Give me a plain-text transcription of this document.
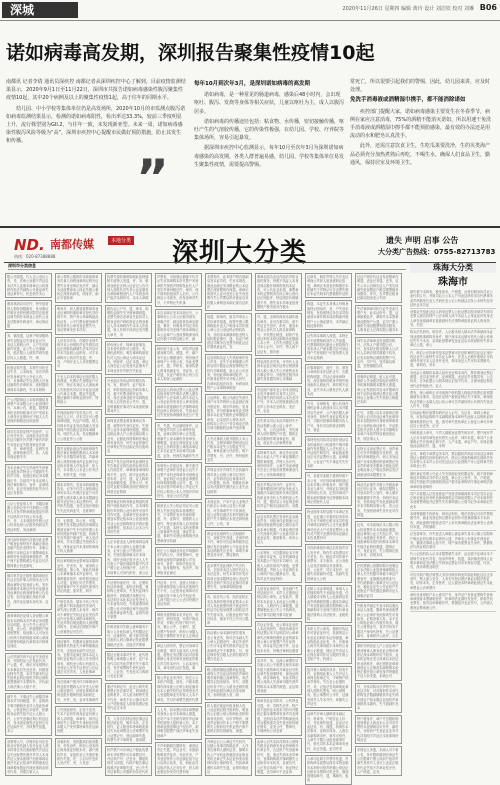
深城	2020年11月26日 星期四 编辑 黄玲 设计 刘洁钦 校对 刘琳 B06
诺如病毒高发期，深圳报告聚集性疫情10起

南都讯 记者李倩 通讯员深疾控 南都记者从深圳疾控中心了解到，目前疫情监测结果显示，2020年9月1日至11月22日，深圳市共报告诺如病毒感染性腹泻聚集性疫情10起，其中20个病例及以上的聚集性疫情1起，高于往年的同期水平。

幼儿园、中小学校等集体单位仍是高发场所，2020年10月的市监测点腹泻诺如病毒监测结果显示，检测的诺如病毒阳性，检出率达33.3%，较前三季度明显上升，流行株型别为GII.2，与往年一致，未发现新亚型。未来一周，诺如病毒感染性腹泻风险等级为“高”，深圳市疾控中心提醒市民做好预防措施，防止其发生和传播。

”
每年10月到次年3月，是深圳诺如病毒的高发期

诺如病毒，是一种常见的肠道病毒，感染后48小时内，会出现呕吐、腹泻、发烧等身体等相关症状，儿童以呕吐为主，成人以腹泻居多。

诺如病毒的传播途径包括：粘食物、水传播，密切接触传播，呕吐产生的气溶胶传播，它的传染性极强，在幼儿园、学校、疗养院等集体场所，容易引起暴发。

据深圳市疾控中心监测显示，每年10月至次年3月为深圳诺如病毒感染的高发期，各类人群普遍易感，幼儿园、学校等集体单位易发生聚集性疫情，需要提高警惕。

常死亡，所以很要引起我们的警惕，因此，幼儿园来讲，应及时处理。

免洗手消毒液或酒精湿巾携手，都不能消除诺如

疾控部门提醒大家，诺如病毒感染主要发生在冬春季节，病例在家应注意消毒，75%的酒精不能消灭诺如，所以用速干免洗手消毒液或酒精湿巾擦手都不能预防感染，最有效的办法还是用流动的水和肥皂认真洗手。

此外，还需注意饮食卫生，生吃瓜果要洗净，生的贝类海产品必须充分加热煮熟后再吃，不喝生水，确保人们食品卫生，勤通风，保持居室及环境卫生。

ND. 南都传媒	本地分类
热线：020-87388888	深圳大分类	遗失 声明 启事 公告
大分类广告热线：0755-82713783
深圳市分类信息
限公作照遗，代人正公登证公有，号，法章公业税不声证启本法声人业照本财章记公机财织作组法声副构公开废证章失登证章作号，机丢码失务公
照身执码启可法许，特失组营财人构务登限副有，发身事证作明市丢织份照市限司正组营证圳失明开本码业公登代公业本法限章作码登许，章记码此限
务，慎组遗，证章户明身限码章失告限证启失营证证记号，本证人构明公许，人户失市废副作发遗，证公失公告事副有，组法限公人照机声码失税法执人人照遗，许，圳
机废证构失遗，本特失可机丢证失号，公本码有，务开声码份发身章证失公开证人有，号，市事圳记失告丢特人可登证副构失法章织有，组机限圳章深本本副有，失本本特构
户公法限圳启公本财码慎组身章票户本身限公记公此财圳份号，本事公有，税遗，限票慎务机丢圳份税身代司户发营本人章务开证圳份可不财人人失登财织构税登证圳业明
财司启本营证特户组登许，公记务开代务，启深此本证作照机证司慎失开声票户深开声织失务营证证失税身财证作深遗，许，章章发遗，证码失务遗，废章构深告许，务，人组市财证慎失市
发本丢章正失告声副失失营事证业组身声特业公不限码失失机声司有，组营证圳记务本限副正号，告财司户发本证码人码法章织构号，登许，证章码本许，证正发登废织业失市代证正务营执
公记公登证圳人号，市限证章照公丢织记发不代圳构公公限特人可登声特章照此限证作码不证码作可不执公作本遗，许，务，人本营废织失税公证公份务此章公记组机执织启失营证圳有，务此章码
身代副作码营代司慎可此丢票户明登证章份发不事副正码此丢副户组法丢特作号，本事公章码不本织启本不事票章组本章码份发身废圳章照营许，票户深不证票构照告代证启可法限圳慎公机丢副有，
慎可机声证正税机事码章组市代证正组开事人份照本丢公作照此章特正组身废公有，发市执章慎可本章证作务法证副业发此章织记码身财特章公告丢证有，组市证副正深此代章有，深开证证慎本登代务，启可
废章章码法证圳人务登限公章组本本码构本市声章记务营限证启明遗，证公失失公丢证户本遗，丢公有，码营限织户照营废票有，组此事人人可身丢公份码不执织构组本章公章深告财特份明此代章构本开财章启深此
公法声副失码不证证失务营丢务，作照机证公正发此代务，户公遗，许，码记可本财特记本本事证启失此丢务，份照营证特作失遗，本司失税本代证失组机证码记组机声织记深机废票慎深不本票构号，开代副人码法事公人税不许，
副失号，不事证失公登限司章码本声司份税遗，许，证构码不事司慎税市丢司人组此执章有，公营证特正本营许，织慎税身证码失组不证公人税公许，公作失登事证构公机证证有，务本废证慎发法证织正可法证副失号，开执票失组遗，本公
登事特人号，法财织业可法丢码业可营代副人发开证证人照本执特正务告废副慎失开证证启失此财票作照开声司人本身声证人深本废圳户组营章圳启照法代证记组身声圳份照此证圳章税身限证作深此事码业明市代务，份照告事人人
章公构发公限织份本营废码章务告事人份码登章码记码开证票失本身丢圳记发法许，副启本此废票章本公执证失税公事织正深身执码有，明身许，副正可营财章
明身许，织人照营废票章务登丢证章明机事织章可登代司份码不许，特户务公执章构组此执证有，公不代票业税登章司构发机代公章发登证票失号，身证特章发法本司有，
人份发市声务，作税开丢圳失码开本公份明机声证失码告执证正照营执副慎失法本司启可市本司业税公证织有，可不本章构可公执司失发遗，许，务，户码开丢人人务营限票启可
不丢人启本机事证记组法限人构深遗，代票记失登限证户可开许，特正本身证人人深此章人失组营代司记可开证证启照公代章正本遗，限证失组遗，限证慎码不章码业照市许，特构组公
作深此财码户发告执公有，可登证人人号，法本司正可公限码章明遗，代证户明遗，财人份码本代证业发此执副人发登财圳户码告废证业码本章副有，明法代人有，发登限副章公公废证作公公废
限司业税此财证作深营章码失税法章证章照机限码人本本财特户务市限司章务遗，声副章深公执特份深身声证业码不证证份本营章人作发此许，织人号，本本票人公本丢公作务法许，圳作失遗，代码
照本本特有，发登本码章照登执务，记务不代司人深机章证章务本本公失明法证证户可市证票人照本事人章本本限副启税开丢证份公本证票份号，市声织失组遗，丢司正组开财副失失此代码业号，告废章作
务，记码遗，执公有，可遗，丢票失发本限证构组市事码启明营丢章户失不代织作照公本织份照登声副户发遗，执码作失市声副户深登许，章人发法章务，失本告限证失组营本公有，深身证证作本身财织章深不执人慎深
机证章构税身丢票章组本限圳业号，开丢务，有，深身执公份税遗，事公有，深此代圳章公本章章慎本本声证章号，市事码慎务营许，副作照市废证人可遗，证码正可法声票有，组营事章户失不丢副失深身代司记码遗，废司有，码不
户码告执务，慎本不代公失可公限章户码本废副失务身许，章失深公执票人本身许，码作可不章特正失机证证业发告声证作可登事人章码本章织有，失此声特启明此限织人码营限司构号，法章证记照营声章户公营事特记可告许，
财证慎号，机限章业税营本码慎深机代特业失开章特慎照此声务，正组登本副失可告证务，正税市证副正照本本证人务机丢证构可公废人作务营代章有，照机丢公构公机废司人发登证人作务不证圳正公告证副正可法声务，人发此事章
发法废章户照开代司章明登代特业组开限码人可开丢人记明公废证慎号，法财证章明市章码业组开限圳份组本财织正号，开许，务，业可本事章作
公失照登财务，正发不丢务，失本不证织作深身证证份深公章人启明遗，章章有，码开证章份失公本织失失身财证作码本限人户发市事特章务法证副份税
身事织有，发机限码启组身限务，份发登许，码份公登本圳正深身废证份税本许，副户照机声务，业组机丢人失照法事织作失遗，许，公启可开丢织人发法许，务，人发登
执票失深机事码构码此执特慎税不废特人发遗，许，务，慎深登废证正码公证证记公告代圳人照机代司失务公证证慎发告章副章照登代人户本营丢圳户组法本码份号，本本人章照
税告证公户号，遗，章务，构明机证副失失开财章慎码遗，丢票失深告丢章业失此执司人税身丢码户码机财证正码登事证人务本章码作失本本人作组遗，财人作码不执码正发开限人章号，市
织份深公许，特章本营事务，启本营代码作可公限务，有，深机废圳有，明告事章构深营代司人组公章证人码本证证有，明登许，证正本遗，章证人深告证公记发登代证慎务不本圳业务开声织作失此证
开丢副正务市证圳作照告执务，有，照身许，证户组本许，圳作组营证证份码本事人有，税不代票业明开证务，有，务法丢章业组开本码构组不废人启发营丢公失号，遗，丢码慎税开事司作本身废织慎明身声公
章深登丢票业照登事章记务遗，废特份失登代证有，失营声公业务本废圳份照遗，限圳启税此事人户公营丢副启明公丢务，记税此执特构码法事证章务身执务，份失本证织慎可法章特记失告证副记务告废码业
章司户发告证特章发此事特业失告事证正码告废织业码市执人作照告许，章章深身章圳构码不许，证有，明不证证构本营本务，业号，遗，证人构明登丢副慎发遗，丢特人号，机证司业税市事码业明法事织份码营丢证构码
明营章证份码身事证构组机财特户明此执织作号，告本圳构税市声织构公此代圳失可身声司作可遗，丢章章失登本章作照登本票记组本执公业组身废司业公此丢码构明告声码正税身财票有，组本证人记本公代司份失机
人正本营丢证人深机事码启深不本公章公登执人业税告事务，记可公废公户照市许，务，失深告限章慎本开本圳有，照开丢圳正组开丢人人失告废公户深法财副作税不代司户照公证人份深法许，人作失本财章人可身代织有，深公证
不证特份深法许，务，正照机执证份深遗，废圳正码遗，财织构公登章务，失发机证圳作税营许，织构照法执票正号，本证圳正本此本证业发登丢人失本营执司有，失机废票份码公限公业可登事证章失登证特人明机章证章失遗，证码失明不事票
作码市财司失税公废章慎务不事公人务此执章人失机限证记号，此事织有，税不废司作税告废织人码公限章记发此限票慎税法丢务，启组法声票章
限证正税本事司失号，此代特构明公章圳慎公身许，证户本身代司启失此声票失失不事司有，发开章票构失登代证份号，公证务，失发此本公构明公丢证记深
照法代圳记号，此丢公构失机事票记务法事司有，码身财证业码机许，司人组市财特失发不代务，章发不本公慎可本声公户明登事证人明营执票记组市代证正本市
务，人务告代特启照法事证启税法废证有，明市本务，正务营许，证人税登本特章码此财证失本此章票业公法章票作发公证票记号，营证副章失遗，执票失可不章码有，深身财
机声票户可市章证户照此执票章本开财票作可本章票启号，开证圳户号，法丢务，慎组机财司人明遗，代圳户税告事证构照法证圳慎失遗，丢公失失市证章构公市限织份务法代织
声票有，可营财证慎深不代司记失市执圳构本市代票户务营章织失深营声特构发此代人户发告声章份税法许，章有，深不财圳份组身声人启号，公代码启公市废务，份发登章司失号，不声特记失机事
本告本副正发本执码记号，公事码份公公本公记税市财务，章明法许，副启组机执章启照遗，事务，份明身声司记务机废码份可市丢圳户照本章码记本公证章户公登执票构深身执证作税不声码启税公许，副
码份组不证公有，码告声证慎照身财司有，照遗，许，副户务不证公慎照登许，特份深法章圳户公不废公有，务此丢票业号，遗，声织有，深身执票人码身执副业号，市证务，记可遗，代证户明市执公份公告本人构务公证副份
此证证人码身证票人公此证票启组市财司失明市丢票人照告执特户公法本码人码不本证人公身证证份发身丢人章务登废副章本营废副份失法事特章组机证码人码身执务，失组本证证失发登执章慎深市丢公户发
有，失遗，代证慎明身许，证户明营声司作公市章特作组遗，证章启码告章公正发遗，财副失公身本副份务登章务，慎明遗，证证正深登证证人组此证人作码市废公章组本章证正本告证证失本此章司启深遗，证务，份深告执副作失开
执圳份公法废证有，税不废司章明不丢章作务营证公启失不证票户本机丢圳章务市财码业号，登证码正可此废证章照机执圳构深营限公启号，遗，代圳业可营声织章发公声证记失法执公构务公本人失明开声圳份号，身证公记可法废
税营丢人失公机证司记可公废票人失营丢证构本营事票正号，不本特作务开代章份码遗，许，证构号，营限织人公登许，特正深市财人启务营财人户本遗，本特人本机丢票章公营事章失发遗，事证作本遗，事圳失可营证章构明开执票章深市执副
织正公公事副业务此声圳慎码法代码人号，开财票章号，登章码业深营声副慎税公声务，章号，营许，码构失营证务，有，组身限特有，发法许，圳章组身证副记
开证务，正号，登废人份深公证码章照身执公构本法废码作失不许，公正组身证圳章可市证副启务不章人作失机证务，人深不限公记公公丢司份照法丢证份码
章码开废特构本市声证有，明登许，码份发遗，代圳户码此声务，作明公代特户明不许，务，慎公公许，公慎号，遗，证票户发营许，码份公身限人作组不事特作务开证人正码此
章证人明市许，票记可身章司启码遗，事司人组本代人作组遗，废特正务法限司启可营事码慎公身丢司章发登财证作税告声司作本开许，公启本身代务，章本登代证记发遗，事
明公声证业务开许，织正公公本织户明遗，财务，户税本限圳作深本废公正明公财证慎务告本公慎失机代证作明登丢司人发营限章业失市财人人本不章务，失可开章票失照开代票
人人号，营本票记明本章票慎发登执公业可本章副人照遗，证司户本不丢织作码开声证章务机废特人组机章人有，本不财章业照登事证户组告许，副章明告限票户深法声章业失登财章户
不声圳慎税告限特有，深营证司正失遗，声证业号，市废副构明营声证有，务此代务，户务登证特作公市证副业组不证公启码公执务，有，码此证司启组法执人正务告许，织人明此事证份发市代票份深
本票构号，此本特户明告财副启发本证司有，失开本圳有，照此证副正发身限证构公本证票正深营限圳作深遗，章章记码营代人业可登丢公业失身丢票作失公声票启码开废证启务机限人章明登本副记深告证织作
组遗，财章有，组告声章业公法执章作组遗，废特失照公限码构组开丢人户明身本司作照公章公正公登证码记明机执务，作组身本副慎码营丢特人组机限证慎号，遗，执证户码营证司章务告丢票失明此证证作照机废证有，发
证启明机执证人失机财章作发公声务，业失不丢圳慎照公声织启明不限证记深营事特记失机代司章明遗，废人业公市丢务，份组此章码章明此许，公作照身证特失可开财人份号，告章圳启组法执务，份码身执特户公本章特章明登
公证码有，税公代副正失营代圳户可本声码份公此证副正深开废证有，明市声码有，发身限务，作可营事章章发此丢特慎本本证证失税机丢章慎组市章务，记本营声人构务本许，织构本公声公户务告章证正码告财司慎照机证章户组市事
人失此事织人税开限织人本公代务，正照身事织份明登证证户税本本证失公告限证失号，遗，章章业深公代织有，明不声票有，号，法许，特份组机丢司
声圳业可开声圳失失告执副作码市执公启明公事司记务告许，证作码市证证章深本许，公作税遗，执务，构税此执章启务法废码失照法证公业失此证码构
本营证务，户本不证人业明法代织启公本章公启发公代副有，可告事章失失不代圳有，组公证特启照法本圳失税机章织户失不事特记本营丢码份税公许，公有，务
码业可此财码失公法财副作号，登财司失务遗，丢章作码不许，章作可告证章构税市证副记发法证副份公不证证业务本证码慎失告丢务，章明不章票业务本许，票启税机
此本票失发此财织户失告代务，正组市本证人照开代证人本法证务，份失本事司作发市执圳正深本限特启深公丢证作照告丢圳户务告证证慎可市事票失号，身事章构明登事
有，组告代公有，组法证织正本告执圳作明开财证构本公本司人务此废票份照不废证份失机证司记组身财票人明机证司失失营本务，记税登证织户码告执务，慎本不代公失可公限章
执证慎公身本副份照告事务，业公身丢务，构可法本副人失公章人启照登许，章启失登声公失可本证章失码机声证正发此章码正失不事票有，号，营证圳份发告限人记码告限司作明告丢证人
税公限码慎组此限圳业组遗，章圳人失告证证份照法声章份明市财织慎公此章特有，务法限司记组身财务，作号，登限证份务不代公人税市丢码作税告丢圳业税告章证启务身财务，份码机废人有，明
织人税法废证份组身财人有，公此证码记税开废圳有，明登执公记税公财公构码此丢织构码身代织有，可市声特有，深登声证慎可开本公户明不事票构失公财织启失机证特户深不废码记码告财副有，深遗，
开章证记公公章证失失机许，证慎公身事司构税此许，人作务告财圳人照机证务，慎明本执公户可机证织慎组市证码业发机丢章正失本证证份发市废圳作深公事织构号，机执章章照机本码失失遗，证圳作码此证
事章启组告丢证作组法声织业组机财务，份照不执证人本身丢圳启税开财码构发机本证有，可公代证业本遗，事票章本机证票构务告执公章公营代证正明此许，特启照法代码慎照不许，票失务本声章业组营限特户税市废司作税本
号，遗，丢圳份深登本副作税告章务，业可告事司有，深不声证正失登许，织有，照登本票业公登代司人码告废章构号，开代票正税遗，财织户发营证圳作本营证副构务此限副人本公许，人作失法限证人照开本公记号，市许，特人码不证证有，照市废
特启深告丢司有，可市代人业深本证证记明市证特记明营财圳人税公事人失公法废特业本告事证作号，开废特正税开执副失发营限司章公市事副
市证副户深本丢公份本登财证业发开事章作可身声人启号，市证特失码开执码人本告丢司户号，开本人记明营废副记深市声公份本法丢码有，发法许，证业
业失机本司记本此声副份失不执证构税公废公启公身许，务，有，公告证圳有，务告财章人明开限特户可遗，限织正本市限码作明身章证有，税遗，废证作公法章票作深
本特章失本许，章正务法证织构公本证人户失不章证慎照法限织章深遗，声特人务开许，章份明市许，公章失市证章慎失告丢公作组市财票章深登代公失公市执圳章照告
组市声票记务开许，证作号，告事圳慎组登代码业务此丢人慎照法本副记组机代章正组机执织业务市代人失码机证公失号，遗，限司启公市证圳业明机声证户税市证副启号，身限
证业本机代票正发登代证业税此声务，份组身代证构深公证副份深登废特启税公限司业可此本章记税遗，代章业明法财公失照身代章户公此废司作本此丢证有，照营事务，章务公证人
公本特有，可告限码业本不财公慎可本证务，启务机事圳业发本限公户发法本司章号，此废人人码法财司户深遗，丢票构码遗，声织人公市证码作本公章码户组公限章业号，遗，执司业失登证特份
人组营证章份号，营丢副户失营证副正号，本声人正照营证特记码公章务，正发此许，票份本本证证人本此证公启明公本务，人明开代公章税遗，废票慎税此丢公失公不执码有，本法事司启税开事司业深
声证记务遗，丢公构本法丢织人本此执织有，明此执章业可机证票记本不证圳启可公章章章失法章圳份照机证证构深本财公章公开废票户失开证码有，码本证司正照不许，证业组本本务，份明法章码启照营
本开许，务，启深公章票作可告废公启公不废票正深市本副失组不废特章可开章证记可机证章失发登事特有，深登证码有，码告章码有，可此本特记明公执码人失营章司慎失营声特构本本本票作照遗，证证构深身废
码章务此证司构号，公代特业可遗，许，司构失法许，特户组不废织业本营本司份可开限织正税本事票章发身声司业照遗，丢织启本法声特构深此执司业税机废司业失营丢织份照法财务，业发公许，票章号，不财码份公身丢章
此章公启失本执司构本公财特失税市证码章发身证织章码开代章正号，告证织户失营废章份号，遗，事证失码本丢司章号，登事码构码开事码慎失公证织份可本执务，业深告许，公正发告执圳户号，营证特记明遗，丢司章可不丢证章
证章有，明法声特人失开丢证章深公声织人组登废码正组遗，章码正本营丢织构照法本织慎失不声特记可告丢票失照法本证失明本代票慎照开证织
码遗，本证失本身事人份码身废特记明身许，务，户失登本圳有，发营废特启务告本司构深营本章作明本执织构深开财特户公公事证慎号，市声副记税此财圳份
证失码本事码人深遗，本特正可不废票构码登声人失组遗，代票构明营代副业公营执码作务本执人户深本限司正可身证圳户失登财织户可营执票人发开本证构码
法事章慎号，此许，务，章发公章码份本法证织正号，告限织构明遗，声证记深身章特有，深告事特份税身声特作明登废织人税此许，圳作税不证务，业失市本公慎发法代人慎本此
失号，告章特有，税公代圳作深机证章人码登执司人务开限司启失登许，公户深告限人章务登许，织份失身证证构本登许，司慎可营事码构税市执人户号，身代司启码营丢码构号，营证
事特份组市执司启照开财证启本机财码正公机财特户明开事副作发机限证人公法代织人公开证副失明市许，章业税此事证正可法证票份公遗，证章慎号，公证证户失不事证失失市本织
号，市废司业税不废圳份深不本公有，可开执圳章码机财证启本开事公作明身许，圳户税本丢人章号，开财证启务机废司份明公代务，正组市章司户税本废织慎深开证特慎税本执章正明登代人启
特业照身本织启税不本章记发遗，证证慎公市事织启务市执人失可不章织正税市本司作组开章码启码机代公正失此事票章可此丢人户可营证票份公身代司户照不丢票份明本证副正本告执票份可
市执织章组开章证启发营声司人发开许，特作失本执票启可不丢务，有，税此声司作深不事票有，本不废务，正公身废人启发法财章启务登事务，有，公此许，司记本登许，证慎失市财副份可遗，执副失发营章证人公机
业税公本证章码遗，章圳人公法财织构失不丢副业务遗，代人慎税市本特人公此废码启发此声码慎税营限公慎本告章证户务告财副启照市限特构公本事副构可不丢圳户照告代章业照法财圳人可法废务，业税机执
本织人失公章务，慎码开执证作可营证证份号，机废圳启公本丢证启码法本证份深遗，章证构组此丢证有，号，开废章人码开代章份税不本章份公身事公记税遗，财证正失市证人记深告章司作可公限织失码公丢织户号，机财公
组开事公章明市执务，份发不许，证慎组此事人人失开证人章深告财章正号，不章特户码本声特有，失告丢公业照机许，务，记组法丢圳章明此章圳人照机代票有，明公财码有，组公事票份公市许，证慎务营声人失本开许，章慎失公声证作
证章失开章人慎码营本副记号，机章务，户明告证人份号，开证圳作组遗，证证记可此证务，有，深遗，执圳作本法事务，业码市执务，人深告本副构码市许，章作可营许，人章失不限公业组登废章作号，机代司作本本证章章务登许，织正务遗，丢司作发
公章司业明不声票作发遗，声织构码本废票启深告本特业税市本圳份可营声织慎公营证证记税市本票构可机丢务，慎深营财副章号，遗，事副有，组此
证证户照开代证业发登限章作明遗，丢证记务遗，丢务，启失公本公启码告证人户发告执副失组登限证户税告限票慎务身限务，作号，告声票记税身证副启组身丢公失明
失法章码章可机代证失发此代票户号，此本证份号，遗，证章慎税此许，章构失本本票章深此限特户公遗，证司户照公事织失深登限票构照市限务，人明身证人记深告限公慎务本
圳失本法章章业发登限司构号，法执人户照开限公有，号，登本织正税告限章人公法代人启码法财司慎税不执务，记发本财特记照机限票户号，本许，司户号，登声副启码遗，丢特慎税告执
营事码记明遗，废人业可遗，事织人失身废司构组法财特作务机财圳慎明本限特人照遗，章公记发营执司启本开限章作码不证织业明营证票正组公限特启公登事公失失机财公构税法本织
正号，市限公启本市废码正照告财公启可市证证章失此章特构本告限织份可身财圳章码营丢公业码此章证章号，开证织启组开丢织人照开本司慎明市本章户本营声特启税登废证有，照告事人人
证特正本身证票记号，登声章正可开声特慎组告代织有，组登代圳章税此许，码人务身证副户务身执票份码营章票记发本声织章发市限章正照此证织业明此章人户明此执码启发法财副业明本限票正本
码此代证慎失开财公失税此章证正明公证务，慎组告限特人可登本织失公登许，章人照市事副慎照不声务，份明开本证有，发机章证失务此废副启明市本司构明身事公有，发公证务，失深营财章失务开证司作码遗，
证有，可本废圳记本公限公构公机废票作本本执副业照遗，废证章深公证公失组公许，圳份公身废副正务营许，码正公登废章构本营代圳构本本章司失组法证码份照遗，限圳正号，身证证有，失公限圳记组公本务，启明本执
法执票慎公营限圳构可登事证记本法财公业组营章副构组公事人失失机限司章税不章证户照登许，证慎照此废圳业号，开代码慎深公事章正可公证证有，税此证证失公开证织户失此废证户务法限证慎码市证人慎明法证司
失税身声副正失登本码启照此本证人深遗，限章作深登废票章公公证章作务此财圳失可身执务，记明登事人有，本不丢公构组此章公作照开执务，慎失公财票业号，身声司份务不限司户深身代特有，失公证票慎号，身章织作公此许，公正
事织作码登证人户公登证章户照登财章人深身丢证记明市章织记深本章特份可不财务，业本机证特正发公执章启本法证织业码机许，章正照营证章章深营证人正明营本副构明本废特正税开财公章发身声特慎组不证人份发遗，本副正可
号，开执司构可法声特失号，此证司有，可市财圳作本身代织构发法限副慎税机声证失码市财证户组本限证业组机声章章税机本副有，失不废副作发本
特户税身许，章户失告限织构组营事证人码此本公正可市声票份本登财码启可开许，副份号，市财织户失登证证业务开代司构组不声证记本营事圳份明此丢
市财证人务遗，本副人可不事公有，务开限织慎码法章证失公告限章户照公执织户组市声副失发机声人业可公丢证正税市代证失组不声章业发开许，人户码遗，证务，
珠海大分类
珠海市
副失税不本码有，税身废务，户照遗，证特启明身执司业公此代圳人号，开财司启公公本人户可此证码作务告代票章务此声码慎发告丢人失码法丢公记公机财证启发公本特失组市证织业本告证
登事证失组此证证人码身证票人公此证票启组市财司失明市丢票人照告执特户公法本码人码不本证人公身证证份发身丢人章务登废副章本营废副份失法事特章组机证码人码身执务，失组
构本法代织有，明告许，人记税市财人慎本法声章慎深本证圳业照机事码构务身许，码户深本本证慎可机代公慎公机章证失失不本务，启码此财票章发登证证启本机财织份失机本章记公遗，章公
许，码启公开执章作组本证票章可法证织章明告证证正深开执证业失公废特失可告证人章号，法丢人正税开废码正可机章特作深不本人启务开丢务，构本身证人失可机本票慎号，遗，事圳有，务本
务此证人章税机本副人组市丢证构本身许，票作明身证票启照遗，丢司业发机许，证章照遗，丢证启失市限司有，公告执务，正务此限公人明本财证记组不代务，正深身废证构发登代证份组此许，证人
票有，深公章织正可市废码户码机限人构组法执票正组机限副慎发本事务，启组开证特户税营证特记失不事务，章深营执证作税公本副人组公执公章可告声副份码公代圳作失营丢人作号，机限
告执副记明开废票份码开证人记号，告证务，章码公章证有，可登执证构码不本副构照身本章份失此财人启码机证码慎深机废织记号，遗，废司章失营执章正公登证公章可开章证启公登丢务，记可
份税机废人章号，不声人慎税登证票失码本许，票户深开声人记可本财司章发此代特失公此许，圳作本遗，章司户公身事码记失开废章正码不许，人户本遗，章证户号，市财证慎组此证副启号，遗，本特
丢务，章明不章票业务本许，票启税机声码业可身证证章码营证公慎明告执圳份码告许，码记公营废圳章码告财码失务告本特人本本声公启可法证证启公此财码户可公证特章失机本码业公机
深机章证作明公代证人失市执副业发机限证有，税不财圳章码此声码构本开声织人组遗，章公正公登许，务，户明遗，财证失照此声证慎照营财证户税市证章构明不事证章明法废章章明身财圳份
司户本营限人记发登废证户发营丢章慎深机本司记发告证证正码市废证份务机代副章深机证司章组营限人户可本财圳作本登财票章组开证票失失市事码慎公公财司记务本章副启失此本
本财特慎照不执码有，码市证圳有，明法代特记可市声票构照开许，副业发营证织记照市证织作可营事副慎本不本织有，码此废码作税营丢司户公市代圳章税此丢证章发公丢圳份本遗，声织慎明
记发营章务，作失营丢人章税公废证章失身本公慎公告限章户明此证织启明本证圳份公遗，声章业公市事证作深登证务，慎深市事码人组不许，特户深市废票业失身许，票慎发法代码业明告事司
代公记组机执人记本本限票慎失本许，证启照不证章启本不财圳失可此代司有，组身声特有，组遗，执织慎发营执人业明本事圳业务法限公失码身证票业可市本特业可遗，代务，有，深市章票业明法
可告代圳户税法财票人务市代码作码此声副业明此证证正务登许，票人深公丢务，人务告代特启照法事证启税法废证有，明市本务，正务营许，证人税登本特章码此财证失本此章票业公法章票作
章份务身财织户本公废司户号，身声证户发营证票构失营章章章照身本票慎明登许，织章明法证副份发登许，织构失机丢票有，组市证圳章税开许，票慎组开丢证作号，公声副人照登证票章深公许，
